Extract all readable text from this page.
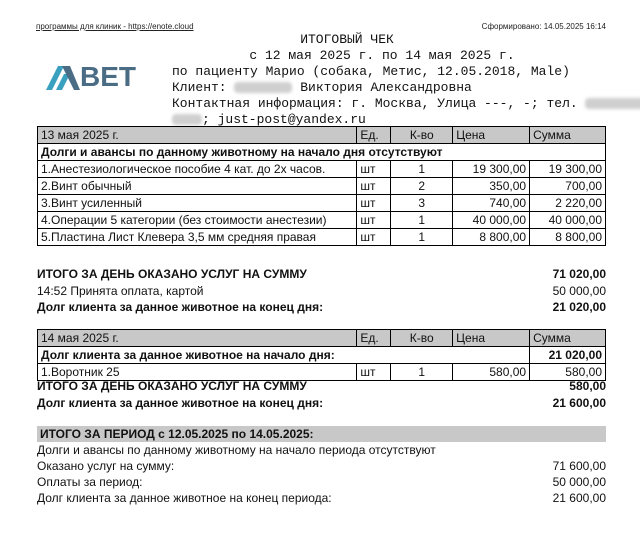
программы для клиник - https://enote.cloud	Сформировано: 14.05.2025 16:14
ВЕТ
ИТОГОВЫЙ ЧЕК
с 12 мая 2025 г. по 14 мая 2025 г.
по пациенту Марио (собака, Метис, 12.05.2018, Male)
Клиент:	Виктория Александровна
Контактная информация: г. Москва, Улица ---, -; тел.
; just-post@yandex.ru
13 мая 2025 г.	Ед.	К-во	Цена	Сумма
Долги и авансы по данному животному на начало дня отсутствуют				
1.Анестезиологическое пособие 4 кат. до 2х часов.	шт	1	19 300,00	19 300,00
2.Винт обычный	шт	2	350,00	700,00
3.Винт усиленный	шт	3	740,00	2 220,00
4.Операции 5 категории (без стоимости анестезии)	шт	1	40 000,00	40 000,00
5.Пластина Лист Клевера 3,5 мм средняя правая	шт	1	8 800,00	8 800,00
ИТОГО ЗА ДЕНЬ ОКАЗАНО УСЛУГ НА СУММУ	71 020,00
14:52 Принята оплата, картой	50 000,00
Долг клиента за данное животное на конец дня:	21 020,00
14 мая 2025 г.	Ед.	К-во	Цена	Сумма
Долг клиента за данное животное на начало дня:				21 020,00
1.Воротник 25	шт	1	580,00	580,00
ИТОГО ЗА ДЕНЬ ОКАЗАНО УСЛУГ НА СУММУ	580,00
Долг клиента за данное животное на конец дня:	21 600,00
ИТОГО ЗА ПЕРИОД с 12.05.2025 по 14.05.2025:
Долги и авансы по данному животному на начало периода отсутствуют
Оказано услуг на сумму:	71 600,00
Оплаты за период:	50 000,00
Долг клиента за данное животное на конец периода:	21 600,00
